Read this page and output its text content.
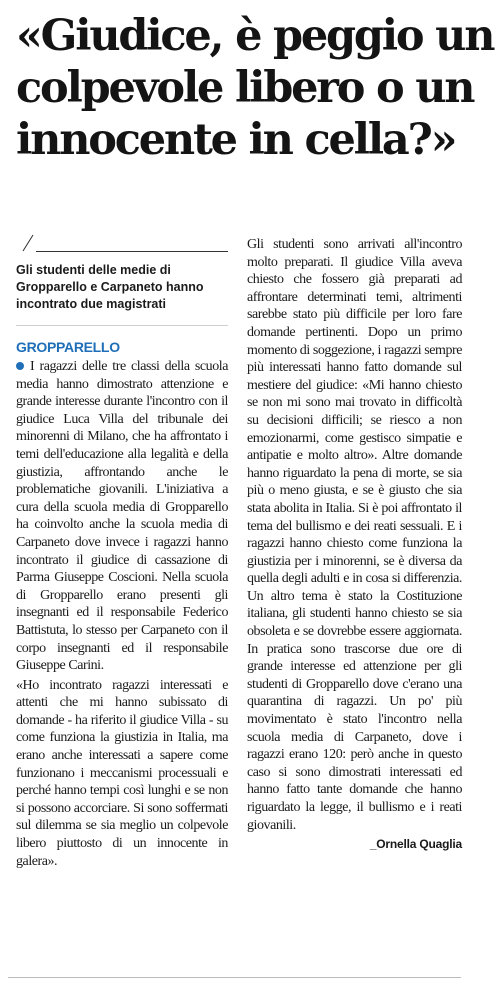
«Giudice, è peggio un
colpevole libero o un
innocente in cella?»

Gli studenti delle medie di Gropparello e Carpaneto hanno incontrato due magistrati

GROPPARELLO

I ragazzi delle tre classi della scuola media hanno dimostrato attenzione e grande interesse durante l'incontro con il giudice Luca Villa del tribunale dei minorenni di Milano, che ha affrontato i temi dell'educazione alla legalità e della giustizia, affrontando anche le problematiche giovanili. L'iniziativa a cura della scuola media di Gropparello ha coinvolto anche la scuola media di Carpaneto dove invece i ragazzi hanno incontrato il giudice di cassazione di Parma Giuseppe Coscioni. Nella scuola di Gropparello erano presenti gli insegnanti ed il responsabile Federico Battistuta, lo stesso per Carpaneto con il corpo insegnanti ed il responsabile Giuseppe Carini.

«Ho incontrato ragazzi interessati e attenti che mi hanno subissato di domande - ha riferito il giudice Villa - su come funziona la giustizia in Italia, ma erano anche interessati a sapere come funzionano i meccanismi processuali e perché hanno tempi così lunghi e se non si possono accorciare. Si sono soffermati sul dilemma se sia meglio un colpevole libero piuttosto di un innocente in galera».

Gli studenti sono arrivati all'incontro molto preparati. Il giudice Villa aveva chiesto che fossero già preparati ad affrontare determinati temi, altrimenti sarebbe stato più difficile per loro fare domande pertinenti. Dopo un primo momento di soggezione, i ragazzi sempre più interessati hanno fatto domande sul mestiere del giudice: «Mi hanno chiesto se non mi sono mai trovato in difficoltà su decisioni difficili; se riesco a non emozionarmi, come gestisco simpatie e antipatie e molto altro». Altre domande hanno riguardato la pena di morte, se sia più o meno giusta, e se è giusto che sia stata abolita in Italia. Si è poi affrontato il tema del bullismo e dei reati sessuali. E i ragazzi hanno chiesto come funziona la giustizia per i minorenni, se è diversa da quella degli adulti e in cosa si differenzia. Un altro tema è stato la Costituzione italiana, gli studenti hanno chiesto se sia obsoleta e se dovrebbe essere aggiornata. In pratica sono trascorse due ore di grande interesse ed attenzione per gli studenti di Gropparello dove c'erano una quarantina di ragazzi. Un po' più movimentato è stato l'incontro nella scuola media di Carpaneto, dove i ragazzi erano 120: però anche in questo caso si sono dimostrati interessati ed hanno fatto tante domande che hanno riguardato la legge, il bullismo e i reati giovanili.

_Ornella Quaglia
